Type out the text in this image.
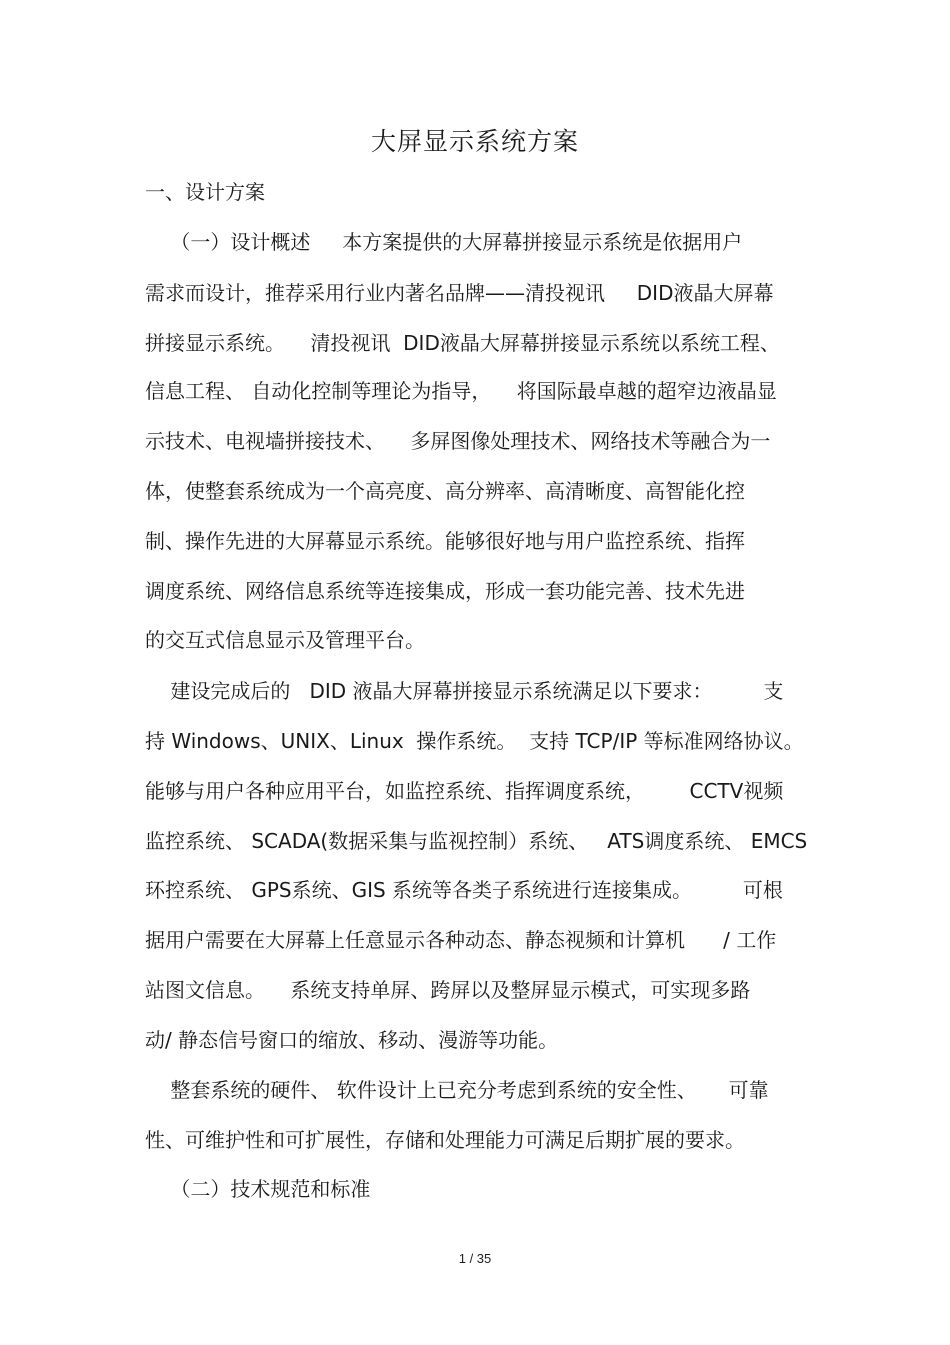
大屏显示系统方案
一、设计方案
（一）设计概述     本方案提供的大屏幕拼接显示系统是依据用户
需求而设计，推荐采用行业内著名品牌——清投视讯     DID液晶大屏幕
拼接显示系统。    清投视讯  DID液晶大屏幕拼接显示系统以系统工程、
信息工程、 自动化控制等理论为指导，    将国际最卓越的超窄边液晶显
示技术、电视墙拼接技术、    多屏图像处理技术、网络技术等融合为一
体，使整套系统成为一个高亮度、高分辨率、高清晰度、高智能化控
制、操作先进的大屏幕显示系统。能够很好地与用户监控系统、指挥
调度系统、网络信息系统等连接集成，形成一套功能完善、技术先进
的交互式信息显示及管理平台。
建设完成后的   DID 液晶大屏幕拼接显示系统满足以下要求：        支
持 Windows、UNIX、Linux  操作系统。  支持 TCP/IP 等标准网络协议。
能够与用户各种应用平台，如监控系统、指挥调度系统，       CCTV视频
监控系统、 SCADA(数据采集与监视控制）系统、   ATS调度系统、 EMCS
环控系统、 GPS系统、GIS 系统等各类子系统进行连接集成。        可根
据用户需要在大屏幕上任意显示各种动态、静态视频和计算机      / 工作
站图文信息。    系统支持单屏、跨屏以及整屏显示模式，可实现多路
动/ 静态信号窗口的缩放、移动、漫游等功能。
整套系统的硬件、 软件设计上已充分考虑到系统的安全性、     可靠
性、可维护性和可扩展性，存储和处理能力可满足后期扩展的要求。
（二）技术规范和标准
1 / 35
